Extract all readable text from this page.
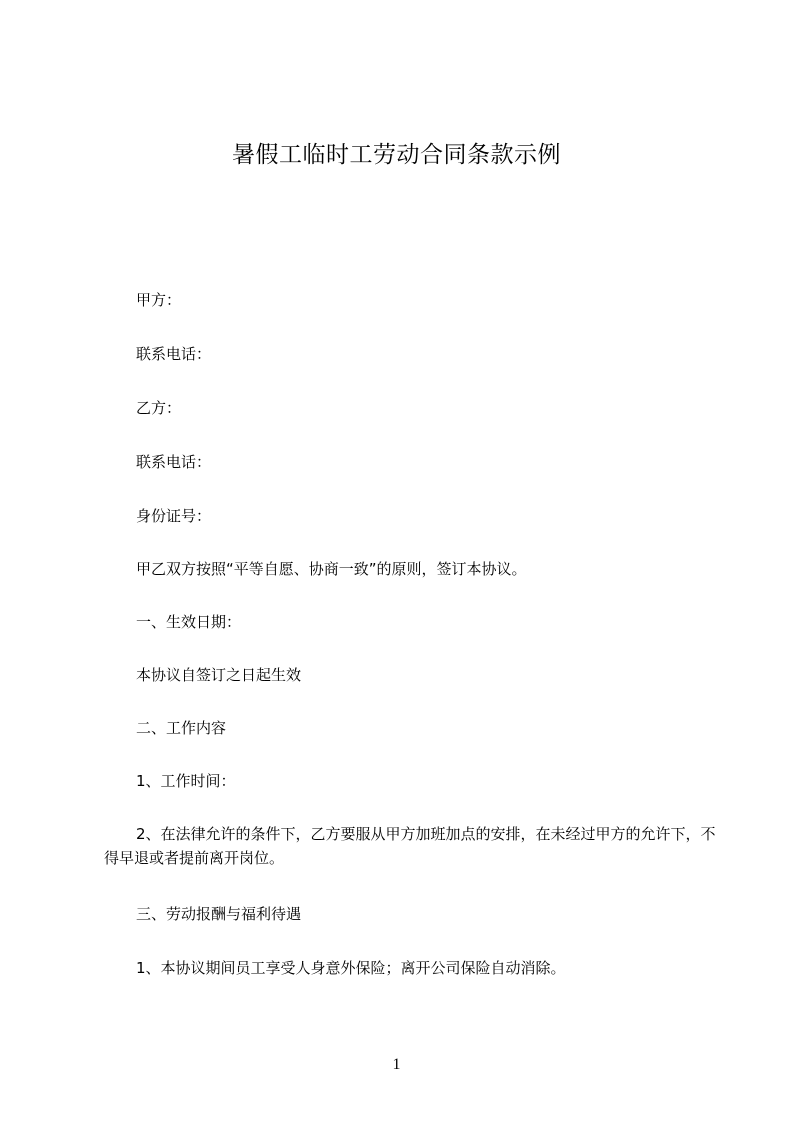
暑假工临时工劳动合同条款示例
甲方：
联系电话：
乙方：
联系电话：
身份证号：
甲乙双方按照“平等自愿、协商一致”的原则，签订本协议。
一、生效日期：
本协议自签订之日起生效
二、工作内容
1、工作时间：
2、在法律允许的条件下，乙方要服从甲方加班加点的安排，在未经过甲方的允许下，不得早退或者提前离开岗位。
三、劳动报酬与福利待遇
1、本协议期间员工享受人身意外保险；离开公司保险自动消除。
1
